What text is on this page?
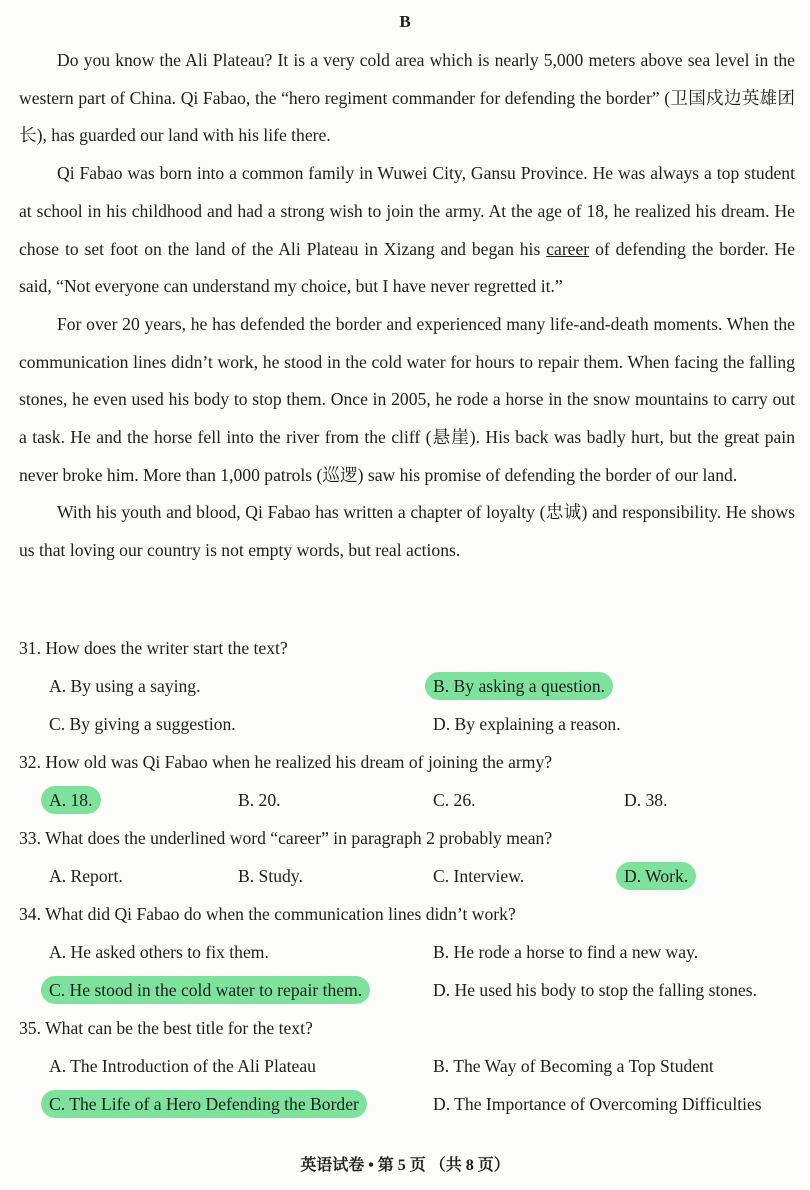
B

Do you know the Ali Plateau? It is a very cold area which is nearly 5,000 meters above sea level in the western part of China. Qi Fabao, the “hero regiment commander for defending the border” (卫国戍边英雄团长), has guarded our land with his life there.

Qi Fabao was born into a common family in Wuwei City, Gansu Province. He was always a top student at school in his childhood and had a strong wish to join the army. At the age of 18, he realized his dream. He chose to set foot on the land of the Ali Plateau in Xizang and began his career of defending the border. He said, “Not everyone can understand my choice, but I have never regretted it.”

For over 20 years, he has defended the border and experienced many life-and-death moments. When the communication lines didn’t work, he stood in the cold water for hours to repair them. When facing the falling stones, he even used his body to stop them. Once in 2005, he rode a horse in the snow mountains to carry out a task. He and the horse fell into the river from the cliff (悬崖). His back was badly hurt, but the great pain never broke him. More than 1,000 patrols (巡逻) saw his promise of defending the border of our land.

With his youth and blood, Qi Fabao has written a chapter of loyalty (忠诚) and responsibility. He shows us that loving our country is not empty words, but real actions.

31. How does the writer start the text?
A. By using a saying.	B. By asking a question.
C. By giving a suggestion.	D. By explaining a reason.
32. How old was Qi Fabao when he realized his dream of joining the army?
A. 18.	B. 20.	C. 26.	D. 38.
33. What does the underlined word “career” in paragraph 2 probably mean?
A. Report.	B. Study.	C. Interview.	D. Work.
34. What did Qi Fabao do when the communication lines didn’t work?
A. He asked others to fix them.	B. He rode a horse to find a new way.
C. He stood in the cold water to repair them.	D. He used his body to stop the falling stones.
35. What can be the best title for the text?
A. The Introduction of the Ali Plateau	B. The Way of Becoming a Top Student
C. The Life of a Hero Defending the Border	D. The Importance of Overcoming Difficulties
英语试卷 • 第 5 页 （共 8 页）
